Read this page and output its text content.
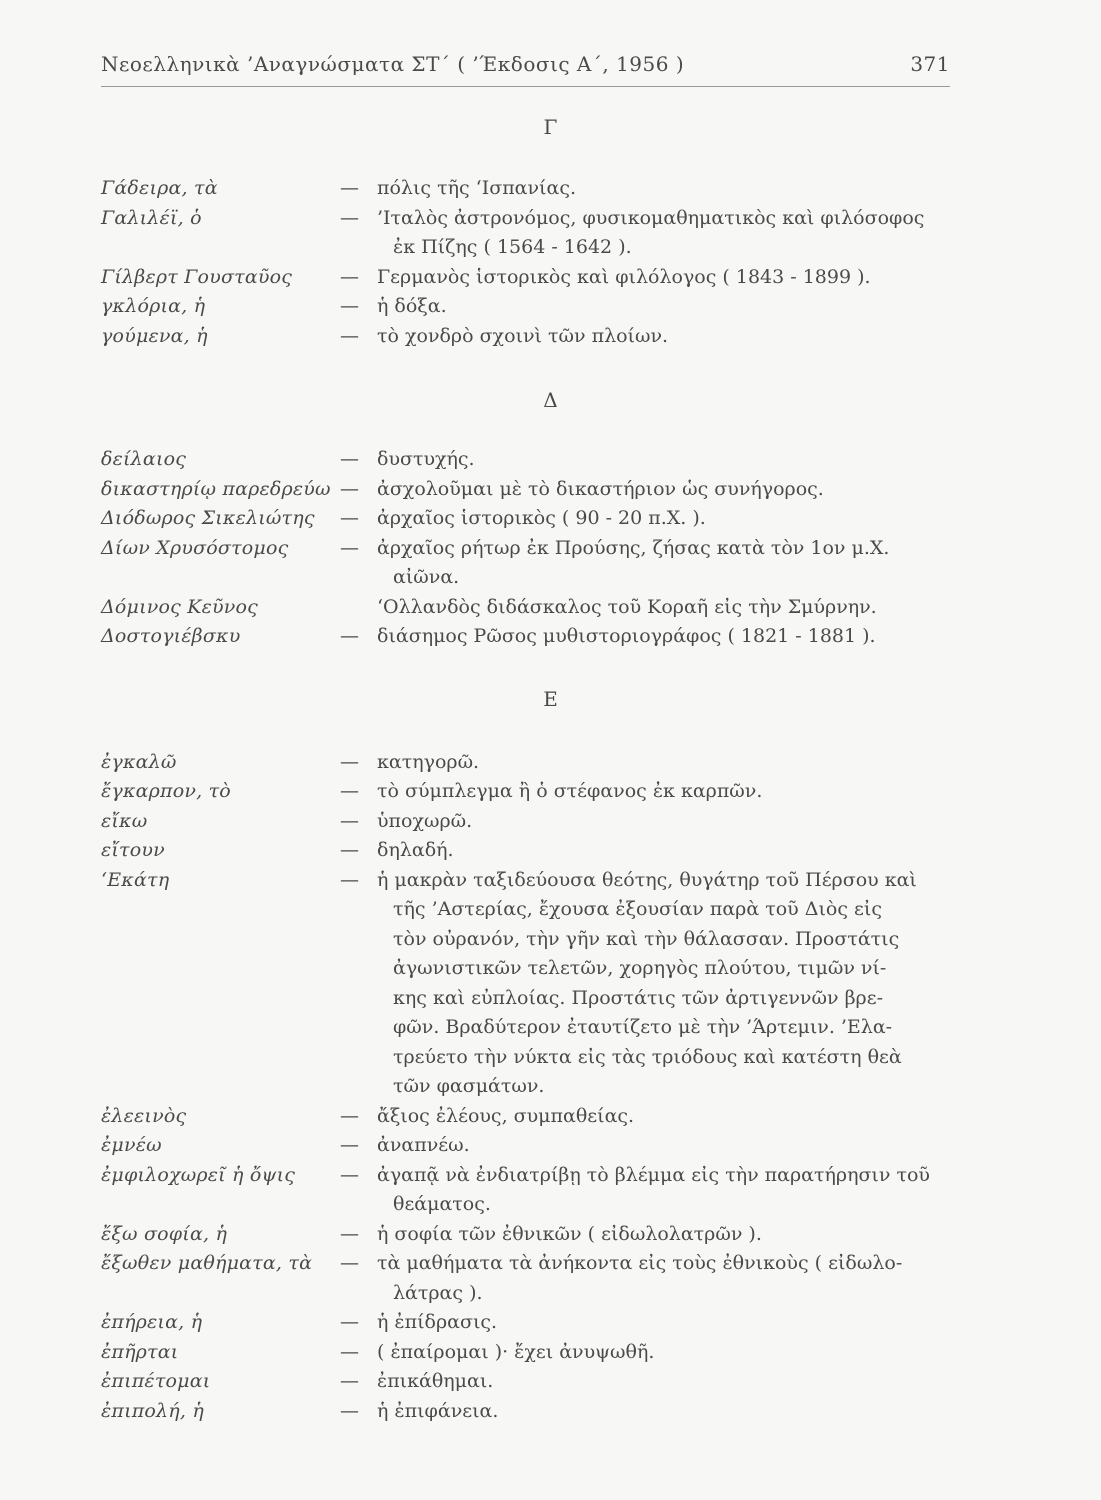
Νεοελληνικὰ ’Αναγνώσματα ΣΤ΄ ( ’Έκδοσις Α΄, 1956 )	371
Γ
Γάδειρα, τὰ	— πόλις τῆς ‘Ισπανίας.
Γαλιλέϊ, ὁ	— ’Ιταλὸς ἀστρονόμος, φυσικομαθηματικὸς καὶ φιλόσοφος
ἐκ Πίζης ( 1564 - 1642 ).
Γίλβερτ Γουσταῦος	— Γερμανὸς ἱστορικὸς καὶ φιλόλογος ( 1843 - 1899 ).
γκλόρια, ἡ	— ἡ δόξα.
γούμενα, ἡ	— τὸ χονδρὸ σχοινὶ τῶν πλοίων.
Δ
δείλαιος	— δυστυχής.
δικαστηρίῳ παρεδρεύω — ἀσχολοῦμαι μὲ τὸ δικαστήριον ὡς συνήγορος.
Διόδωρος Σικελιώτης — ἀρχαῖος ἱστορικὸς ( 90 - 20 π.Χ. ).
Δίων Χρυσόστομος	— ἀρχαῖος ρήτωρ ἐκ Προύσης, ζήσας κατὰ τὸν 1ον μ.Χ.
αἰῶνα.
Δόμινος Κεῦνος	‘Ολλανδὸς διδάσκαλος τοῦ Κοραῆ εἰς τὴν Σμύρνην.
Δοστογιέβσκυ	— διάσημος Ρῶσος μυθιστοριογράφος ( 1821 - 1881 ).
Ε
ἐγκαλῶ	— κατηγορῶ.
ἔγκαρπον, τὸ	— τὸ σύμπλεγμα ἢ ὁ στέφανος ἐκ καρπῶν.
εἴκω	— ὑποχωρῶ.
εἴτουν	— δηλαδή.
‘Εκάτη	— ἡ μακρὰν ταξιδεύουσα θεότης, θυγάτηρ τοῦ Πέρσου καὶ
τῆς ’Αστερίας, ἔχουσα ἐξουσίαν παρὰ τοῦ Διὸς εἰς
τὸν οὐρανόν, τὴν γῆν καὶ τὴν θάλασσαν. Προστάτις
ἀγωνιστικῶν τελετῶν, χορηγὸς πλούτου, τιμῶν νί-
κης καὶ εὐπλοίας. Προστάτις τῶν ἀρτιγεννῶν βρε-
φῶν. Βραδύτερον ἐταυτίζετο μὲ τὴν ’Άρτεμιν. ’Ελα-
τρεύετο τὴν νύκτα εἰς τὰς τριόδους καὶ κατέστη θεὰ
τῶν φασμάτων.
ἐλεεινὸς	— ἄξιος ἐλέους, συμπαθείας.
ἐμνέω	— ἀναπνέω.
ἐμφιλοχωρεῖ ἡ ὄψις — ἀγαπᾷ νὰ ἐνδιατρίβῃ τὸ βλέμμα εἰς τὴν παρατήρησιν τοῦ
θεάματος.
ἔξω σοφία, ἡ	— ἡ σοφία τῶν ἐθνικῶν ( εἰδωλολατρῶν ).
ἔξωθεν μαθήματα, τὰ — τὰ μαθήματα τὰ ἀνήκοντα εἰς τοὺς ἐθνικοὺς ( εἰδωλο-
λάτρας ).
ἐπήρεια, ἡ	— ἡ ἐπίδρασις.
ἐπῆρται	— ( ἐπαίρομαι )· ἔχει ἀνυψωθῆ.
ἐπιπέτομαι	— ἐπικάθημαι.
ἐπιπολή, ἡ	— ἡ ἐπιφάνεια.
